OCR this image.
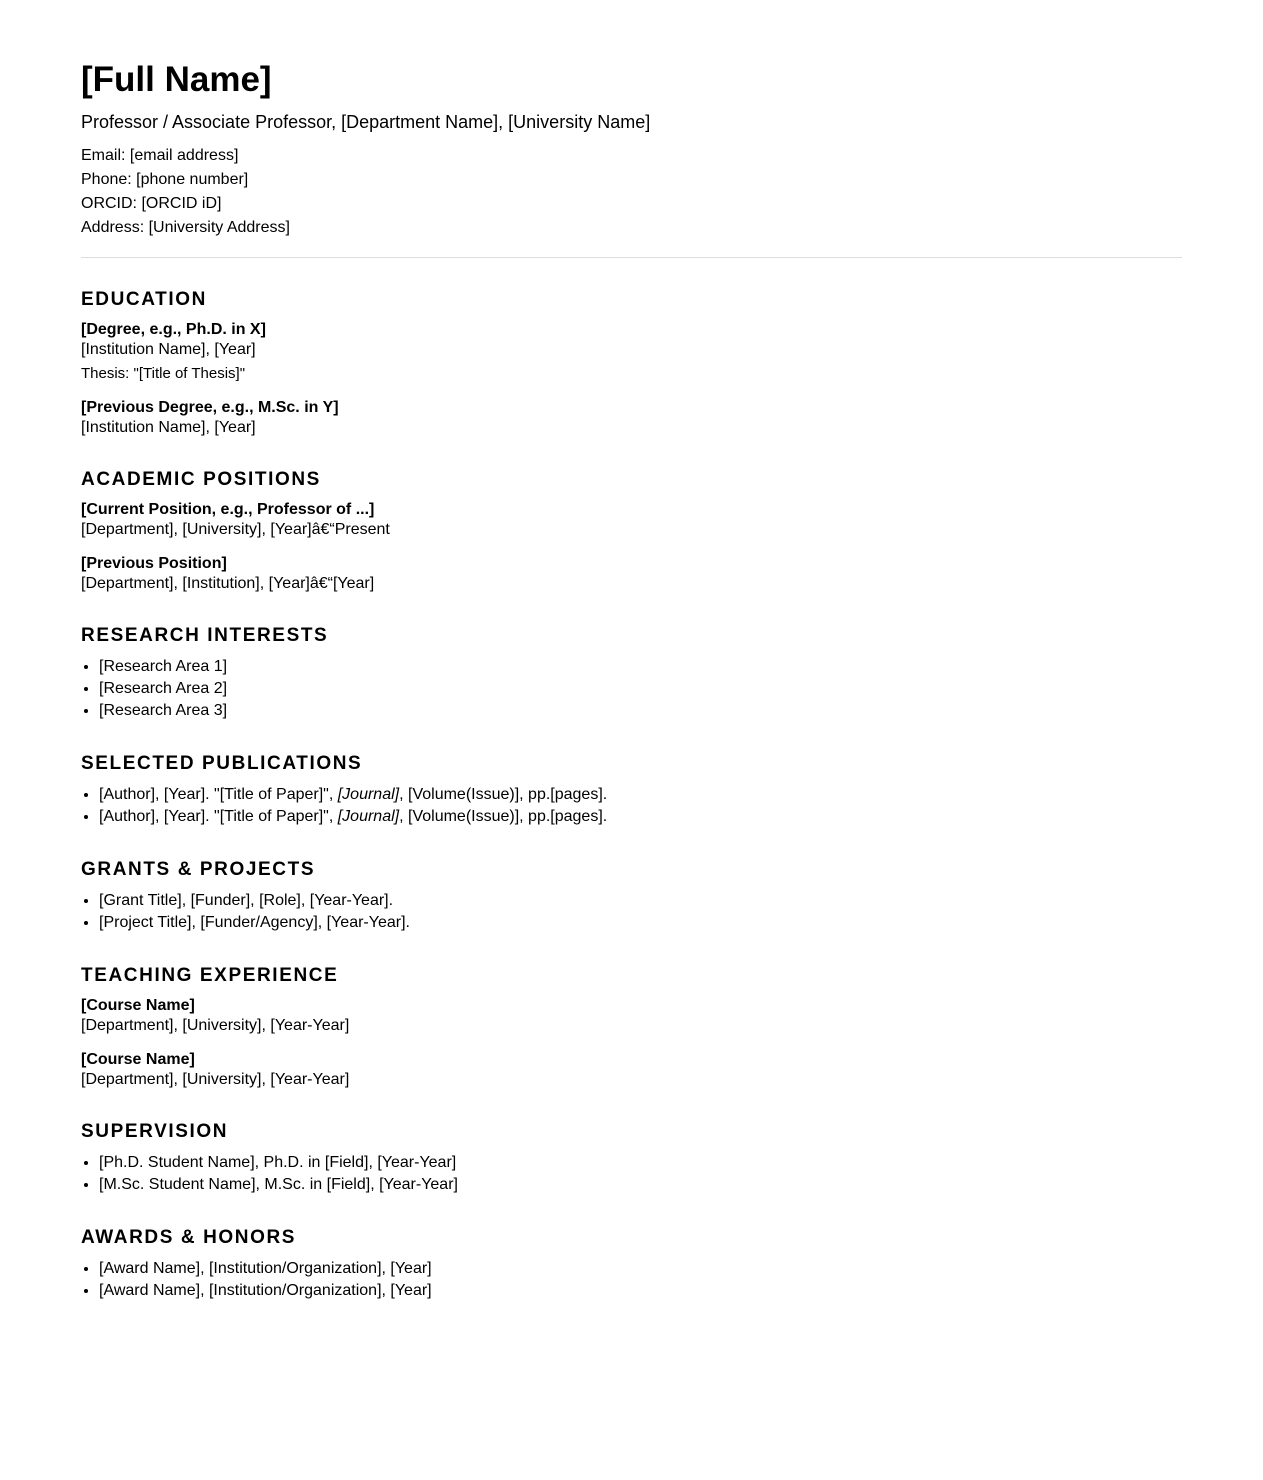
[Full Name]
Professor / Associate Professor, [Department Name], [University Name]
Email: [email address]
Phone: [phone number]
ORCID: [ORCID iD]
Address: [University Address]
EDUCATION
[Degree, e.g., Ph.D. in X]
[Institution Name], [Year]
Thesis: "[Title of Thesis]"
[Previous Degree, e.g., M.Sc. in Y]
[Institution Name], [Year]
ACADEMIC POSITIONS
[Current Position, e.g., Professor of ...]
[Department], [University], [Year]â€“Present
[Previous Position]
[Department], [Institution], [Year]â€“[Year]
RESEARCH INTERESTS
• [Research Area 1]
• [Research Area 2]
• [Research Area 3]
SELECTED PUBLICATIONS
• [Author], [Year]. "[Title of Paper]", [Journal], [Volume(Issue)], pp.[pages].
• [Author], [Year]. "[Title of Paper]", [Journal], [Volume(Issue)], pp.[pages].
GRANTS & PROJECTS
• [Grant Title], [Funder], [Role], [Year-Year].
• [Project Title], [Funder/Agency], [Year-Year].
TEACHING EXPERIENCE
[Course Name]
[Department], [University], [Year-Year]
[Course Name]
[Department], [University], [Year-Year]
SUPERVISION
• [Ph.D. Student Name], Ph.D. in [Field], [Year-Year]
• [M.Sc. Student Name], M.Sc. in [Field], [Year-Year]
AWARDS & HONORS
• [Award Name], [Institution/Organization], [Year]
• [Award Name], [Institution/Organization], [Year]
